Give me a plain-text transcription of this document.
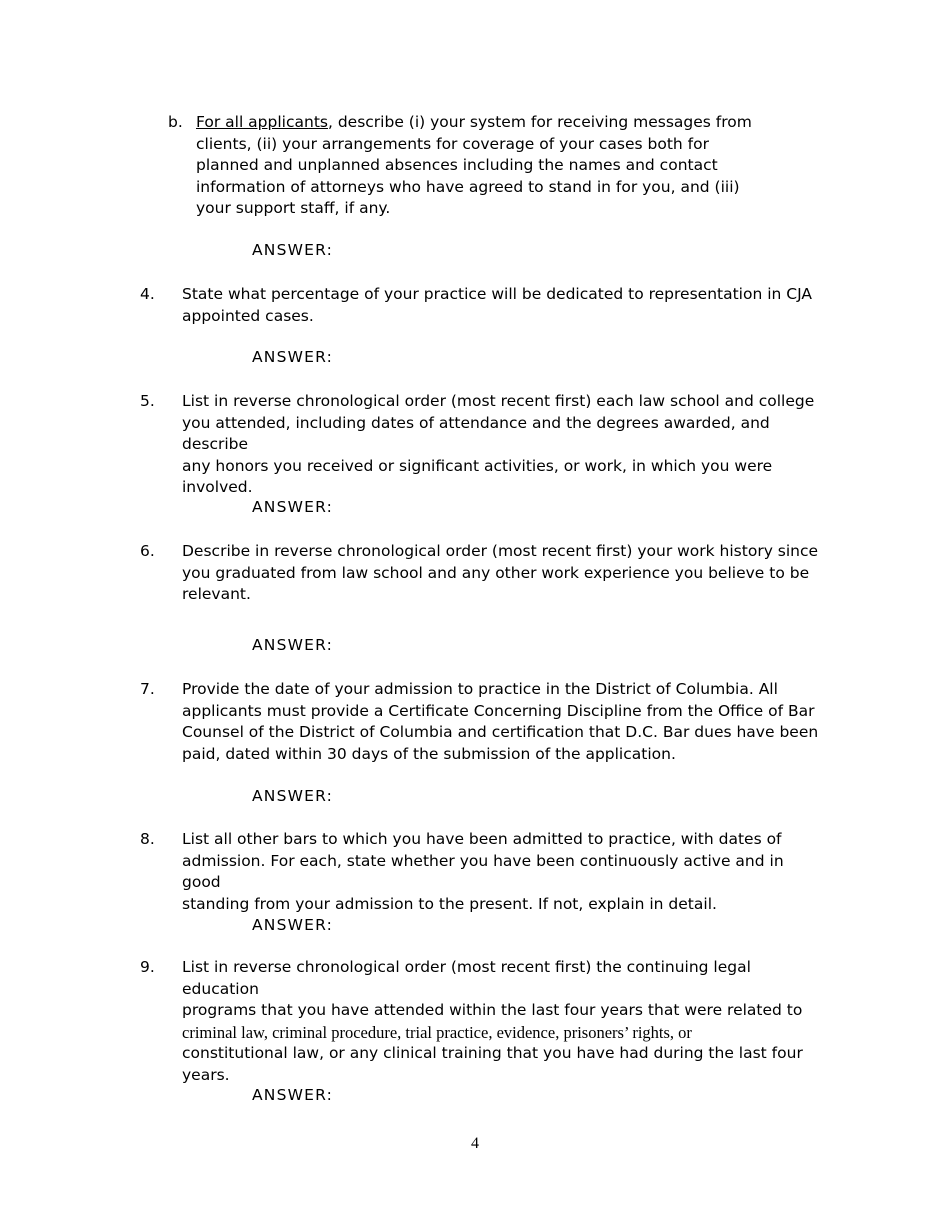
b. For all applicants, describe (i) your system for receiving messages from

clients, (ii) your arrangements for coverage of your cases both for

planned and unplanned absences including the names and contact

information of attorneys who have agreed to stand in for you, and (iii)

your support staff, if any.

ANSWER:
4. State what percentage of your practice will be dedicated to representation in CJA

appointed cases.

ANSWER:
5. List in reverse chronological order (most recent first) each law school and college

you attended, including dates of attendance and the degrees awarded, and describe

any honors you received or significant activities, or work, in which you were

involved.

ANSWER:
6. Describe in reverse chronological order (most recent first) your work history since

you graduated from law school and any other work experience you believe to be

relevant.

ANSWER:
7. Provide the date of your admission to practice in the District of Columbia. All

applicants must provide a Certificate Concerning Discipline from the Office of Bar

Counsel of the District of Columbia and certification that D.C. Bar dues have been

paid, dated within 30 days of the submission of the application.

ANSWER:
8. List all other bars to which you have been admitted to practice, with dates of

admission. For each, state whether you have been continuously active and in good

standing from your admission to the present. If not, explain in detail.

ANSWER:
9. List in reverse chronological order (most recent first) the continuing legal education

programs that you have attended within the last four years that were related to

criminal law, criminal procedure, trial practice, evidence, prisoners’ rights, or

constitutional law, or any clinical training that you have had during the last four

years.

ANSWER:
4
